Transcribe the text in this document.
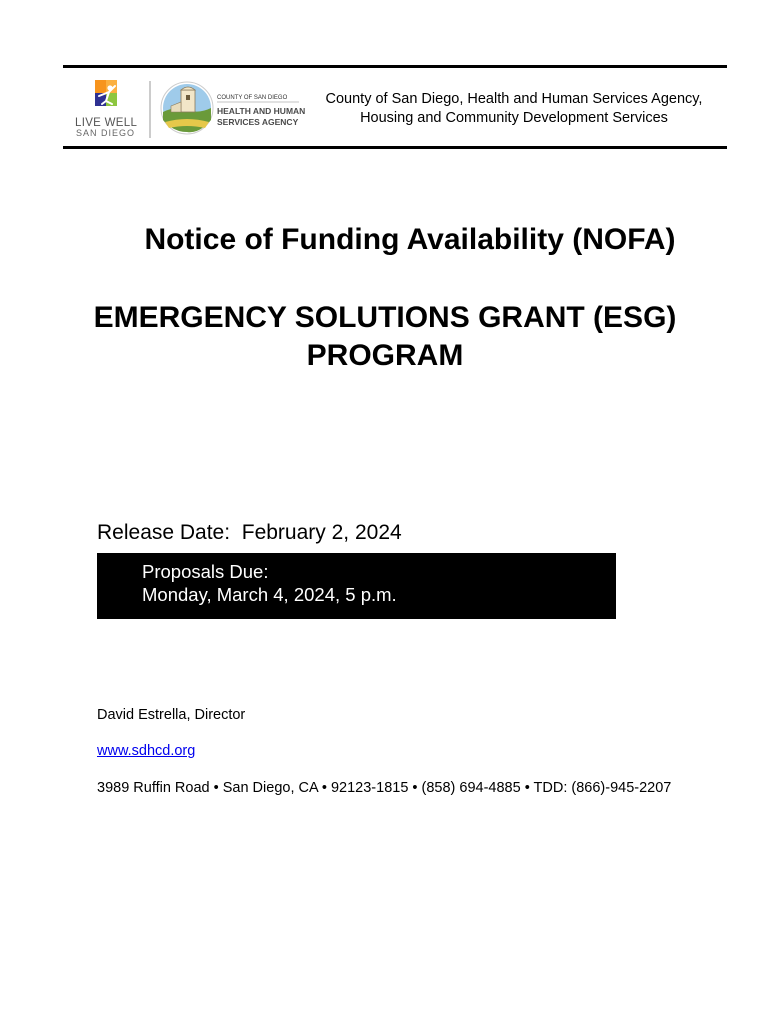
LIVE WELL
SAN DIEGO
COUNTY OF SAN DIEGO
HEALTH AND HUMAN
SERVICES AGENCY
County of San Diego, Health and Human Services Agency,
Housing and Community Development Services
Notice of Funding Availability (NOFA)
EMERGENCY SOLUTIONS GRANT (ESG)
PROGRAM
Release Date:  February 2, 2024
Proposals Due:
Monday, March 4, 2024, 5 p.m.
David Estrella, Director
www.sdhcd.org
3989 Ruffin Road • San Diego, CA • 92123-1815 • (858) 694-4885 • TDD: (866)-945-2207
